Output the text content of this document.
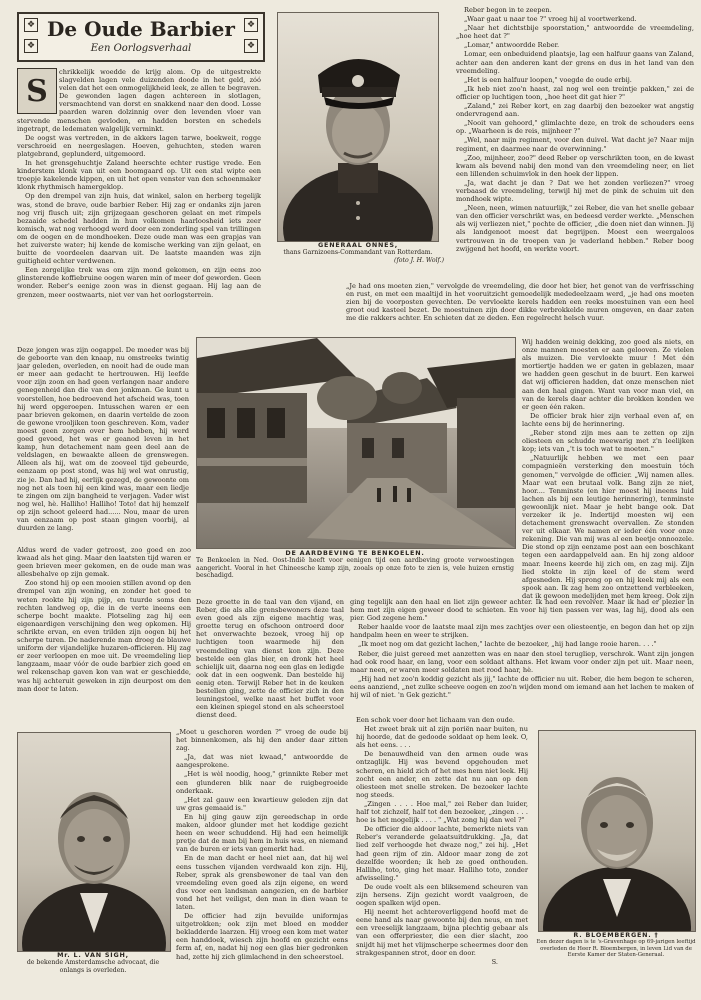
❖
❖
❖
❖
De Oude Barbier
Een Oorlogsverhaal
S

chrikkelijk woedde de krijg alom. Op de uitgestrekte slagvelden lagen vele duizenden doode in het geld, zóó velen dat het een onmogelijkheid leek, ze allen te begraven. De gewonden lagen dagen achtereen in slotlagen, versmachtend van dorst en snakkend naar den dood. Losse paarden waren dolzinnig over den levenden vloer van stervende menschen gevloden, en hadden borsten en schedels ingetrapt, de ledematen walgelijk verminkt.

De oogst was vertreden, in de akkers lagen tarwe, boekweit, rogge verschroeid en neergeslagen. Hoeven, gehuchten, steden waren platgebrand, geplunderd, uitgemoord.

In het grensgehuchtje Zaland heerschte echter rustige vrede. Een kinderstem klonk van uit een boomgaard op. Uit een stal wipte een troepje kakelende kippen, en uit het open venster van den schoenmaker klonk rhythmisch hamergeklop.

Op den drempel van zijn huis, dat winkel, salon en herberg tegelijk was, stond de brave, oude barbier Reber. Hij zag er ondanks zijn jaren nog vrij flusch uit; zijn grijzegaan geschoren gelaat en met rimpels bezaaide schedel hadden in hun volkomen haarloosheid iets zeer komisch, wat nog verhoogd werd door een zonderling spel van trillingen om de oogen en de mondhoeken. Deze oude man was een grapjas van het zuiverste water; hij kende de komische werking van zijn gelaat, en buitte de voordeelen daarvan uit. De laatste maanden was zijn guitigheid echter verdwenen.

Een zorgelijke trek was om zijn mond gekomen, en zijn eens zoo glinsterende koffiebruine oogen waren min of meer dof geworden. Geen wonder. Reber's eenige zoon was in dienst gegaan. Hij lag aan de grenzen, meer oostwaarts, niet ver van het oorlogsterrein.

GENERAAL ONNES,
thans Garnizoens-Commandant van Rotterdam.
(foto J. H. Wolf.)

Reber begon in te zeepen.

„Waar gaat u naar toe ?" vroeg hij al voortwerkend.

„Naar het dichtstbije spoorstation," antwoordde de vreemdeling, „hoe heet dat ?"

„Lomar," antwoordde Reber.

Lomar, een onbeduidend plaatsje, lag een halfuur gaans van Zaland, achter aan den anderen kant der grens en dus in het land van den vreemdeling.

„Het is een halfuur loopen," voegde de oude erbij.

„Ik heb niet zoo'n haast, zal nog wel een treintje pakken," zei de officier op luchtigen toon, „hoe heet dit gat hier ?"

„Zaland," zei Reber kort, en zag daarbij den bezoeker wat angstig ondervragend aan.

„Nooit van gehoord," glimlachte deze, en trok de schouders eens op. „Waarheen is de reis, mijnheer ?"

„Wel, naar mijn regiment, voor den duivel. Wat dacht je? Naar mijn regiment, en daarmee naar de overwinning."

„Zoo, mijnheer, zoo?" deed Reber op verschrikten toon, en de kwast kwam als bevend nabij den mond van den vreemdeling neer, en liet een lillenden schuimvlok in den hoek der lippen.

„Ja, wat dacht je dan ? Dat we het zonden verliezen?" vroeg verbaasd de vreemdeling, terwijl hij met de pink de schuim uit den mondhoek wipte.

„Neen, neen, wimen natuurlijk," zei Reber, die van het snelle gebaar van den officier verschrikt was, en bedeesd verder werkte. „Menschen als wij verliezen niet," pochte de officier, „die doen niet dan winnen. Jij als landgenoot moest dat begrijpen. Moest een weergaloos vertrouwen in de troepen van je vaderland hebben." Reber boog zwijgend het hoofd, en werkte voort.

„Je had ons moeten zien," vervolgde de vreemdeling, die door het bier, het genot van de verfrissching en rust, en met een maaltijd in het vooruitzicht gemoedelijk mededeelzaam werd, „je had ons moeten zien bij de voorposten gevechten. De vervloekte kerels hadden een reeks moestuinen van een heel groot oud kasteel bezet. De moestuinen zijn door dikke verbrokkelde muren omgeven, en daar zaten me die rakkers achter. En schieten dat ze deden. Een regelrecht helsch vuur.

Deze jongen was zijn oogappel. De moeder was bij de geboorte van den knaap, nu omstreeks twintig jaar geleden, overleden, en nooit had de oude man er meer aan gedacht te hertrouwen. Hij leefde voor zijn zoon en had geen verlangen naar andere genegenheid dan die van den jonkman. Ge kunt u voorstellen, hoe bedroevend het afscheid was, toen hij werd opgeroepen. Intusschen waren er een paar brieven gekomen, en daarin vertelde de zoon de gewone vrooljiken toon geschreven. Kom, vader moest geen zorgen over hem hebben, hij werd goed gevoed, het was er geanod leven in het kamp, hun detachement nam geen deel aan de veldslagen, en bewaakte alleen de grenswegen. Alleen als hij, wat om de zooveel tijd gebeurde, eenzaam op post stond, was hij wel wat onrustig, zie je. Dan had hij, eerlijk gezegd, de gewoonte om nog net als toen hij een kind was, maar een liedje te zingen om zijn bangheid te verjagen. Vader wist nog wel, hè. Halliho! Halliho! Toto! dat hij hemzelf op zijn schoot geleerd had...... Nou, maar de uren van eenzaam op post staan gingen voorbij, al duurden ze lang.

DE AARDBEVING TE BENKOELEN.
Te Benkoelen in Ned. Oost-Indië heeft voor eenigen tijd een aardbeving groote verwoestingen aangericht. Vooral in het Chineesche kamp zijn, zooals op onze foto te zien is, vele huizen ernstig beschadigd.

Wij hadden weinig dekking, zoo goed als niets, en onze mannen moesten er aan gelooven. Ze vielen als muizen. Die vervloekte muur ! Met één mortiertje hadden we er gaten in geblazen, maar we hadden geen geschut in de buurt. Een karwei dat wij officieren hadden, dat onze menschen niet aan den haal gingen. Want van voor man viel, en van de kerels daar achter die brokken konden we er geen één raken.

De officier brak hier zijn verhaal even af, en lachte eens bij de herinnering.

„Reber stond zijn mes aan te zetten op zijn oliesteen en schudde meewarig met z'n leelijken kop; iets van „'t is toch wat te moeten."

„Natuurlijk hebben we met een paar compagnieën versterking den moestuin tóch genomen," vervolgde de officier. „Wij namen alles. Maar wat een brutaal volk. Bang zijn ze niet, hoor.... Tenminste (en hier moest hij ineens luid lachen als bij een leutige herinnering), tenminste gewoonlijk niet. Maar je hebt bange ook. Dat verzeker ik je. Indertijd moesten wij een detachement grenswacht overvallen. Ze stonden ver uit elkaar. We namen er ieder één voor onze rekening. Die van mij was al een beetje onnoozele. Die stond op zijn eenzame post aan een boschkant tegen een aardappelveld aan. En hij zong aldoor maar. Ineens keerde hij zich om, en zag mij. Zijn lied stokte in zijn keel of de stem werd afgesneden. Hij sprong op en hij keek mij als een spook aan. Ik zag hem zoo ontzettend verbleeken, dat ik gewoon medelijden met hem kreeg. Ook zijn

Aldus werd de vader getroost, zoo goed en zoo kwaad als het ging. Maar den laatsten tijd waren er geen brieven meer gekomen, en de oude man was allesbehalve op zijn gemak.

Zoo stond hij op een mooien stillen avond op den drempel van zijn woning, en zonder het goed te weten rookte hij zijn pijp, en tuurde soms den rechten landweg op, die in de verte ineens een scherpe bocht maakte. Plotseling zag hij een eigenaardigen verschijning den weg opkomen. Hij schrikte ervan, en even trilden zijn oogen bij het scherpe turen. De naderende man droeg de blauwe uniform der vijandelijke huzaren-officieren. Hij zag er zeer verloopen en moe uit. De vreemdeling liep langzaam, maar vóór de oude barbier zich goed en wel rekenschap gaven kon van wat er geschiedde, was hij achteruit geweken in zijn deurpost om den man door te laten.

ging tegelijk aan den haal en liet zijn geweer achter. Ik had een revolver. Maar ik had er plezier in hem met zijn eigen geweer dood te schieten. En voor hij tien passen ver was, lag hij, dood als een pier. God zegene hem."

Reber haalde voor de laatste maal zijn mes zachtjes over een oliesteentje, en begon dan het op zijn handpalm heen en weer te strijken.

„Ik moet nog om dat gezicht lachen," lachte de bezoeker, „hij had lange rooie haren. . . ."

Reber, die juist gereed met aanzetten was en naar den stoel terugliep, verschrok. Want zijn jongen had ook rood haar, en lang, voor een soldaat althans. Het kwam voor onder zijn pet uit. Maar neen, maar neen, er waren meer soldaten met rood haar, hè.

„Hij had net zoo'n koddig gezicht als jij," lachte de officier nu uit. Reber, die hem begon te scheren, eens aanziend, „net zulke scheeve oogen en zoo'n wijden mond om iemand aan het lachen te maken of hij wil of niet. 'n Gek gezicht."

Deze groette in de taal van den vijand, en Reber, die als alle grensbewoners deze taal even goed als zijn eigene machtig was, groette terug en ofschoon ontroerd door het onverwachte bezoek, vroeg hij op luchtigen toon waarmede hij den vreemdeling van dienst kon zijn. Deze bestelde een glas bier, en dronk het heel schielijk uit, daarna nog een glas en ledigde ook dat in een oogwenk. Dan bestelde hij eenig eten. Terwijl Reber het in de keuken bestellen ging, zette de officier zich in den leuningstoel, welke naast het buffet voor een kleinen spiegel stond en als scheerstoel dienst deed.

Mr. L. VAN SIGH,
de bekende Amsterdamsche advocaat, die onlangs is overleden.

„Moet u geschoren worden ?" vroeg de oude bij het binnenkomen, als hij den ander daar zitten zag.

„Ja, dat was niet kwaad," antwoordde de aangesprokene.

„Het is wèl noodig, hoog," grinnikte Reber met een glunderen blik naar de ruigbegroeide onderkaak.

„Het zal gauw een kwartieuw geleden zijn dat uw gras gemaaid is."

En hij ging gauw zijn gereedschap in orde maken, aldoor glunder met het koddige gezicht heen en weer schuddend. Hij had een heimelijk pretje dat de man bij hem in huis was, en niemand van de buren er iets van gemerkt had.

En de man dacht er heel niet aan, dat hij wel eens tusschen vijanden verdwaald kon zijn. Hij, Reber, sprak als grensbewoner de taal van den vreemdeling even goed als zijn eigene, en werd dus voor een landsman aangezien, en de barbier vond het het veiligst, den man in dien waan te laten.

De officier had zijn bevuilde uniformjas uitgetrokken; ook zijn met bloed en modder bekladderde laarzen. Hij vroeg een kom met water een handdoek, wiesch zijn hoofd en gezicht eens ferm af, en, nadat hij nog een glas bier gedronken had, zette hij zich glimlachend in den scheerstoel.

Een schok voer door het lichaam van den oude.

Het zweet brak uit al zijn poriën naar buiten, nu hij hoorde, dat de gedoode soldaat op hem leek. O, als het eens. . . .

De benauwdheid van den armen oude was ontzaglijk. Hij was bevend opgehouden met scheren, en hield zich of het mes hem niet leek. Hij zocht een ander, en zette dat nu aan op den oliesteen met snelle streken. De bezoeker lachte nog steeds.

„Zingen . . . . Hoe mal," zei Reber dan luider, half tot zichzelf, half tot den bezoeker, „zingen . . . hoe is het mogelijk . . . . " „Wat zong hij dan wel ?"

De officier die aldoor lachte, bemerkte niets van Reber's veranderde gelaatsuitdrukking. „Ja, dat lied zelf verhoogde het dwaze nog," zei hij. „Het had geen rijm of zin. Aldoor maar zong de zot dezelfde woorden; ik heb ze goed onthouden. Halliho, toto, ging het maar. Halliho toto, zonder afwisseling."

De oude voelt als een bliksemend scheuren van zijn hersens. Zijn gezicht wordt vaalgroen, de oogen spalken wijd open.

Hij neemt het achteroverliggend hoofd met de eene hand als naar gewoonte bij den neus, en met een vreeselijk langzaam, bijna plechtig gebaar als van een offerpriester, die een dier slacht, zoo snijdt hij met het vlijmscherpe scheermes door den strakgespannen strot, door en door.

S.
R. BLOEMBERGEN. †
Een dezer dagen is te 's-Gravenhage op 69-jarigen leeftijd overleden de Heer R. Bloembergen, in leven Lid van de Eerste Kamer der Staten-Generaal.
